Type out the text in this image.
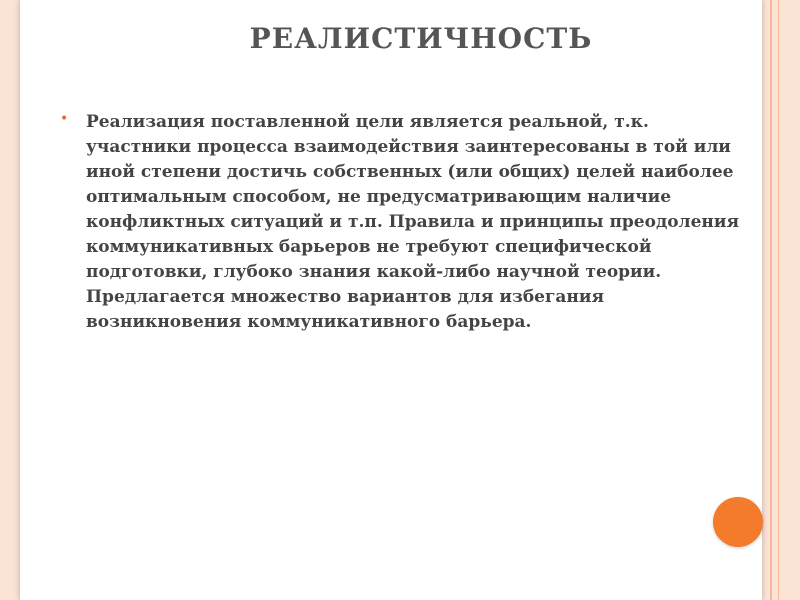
РЕАЛИСТИЧНОСТЬ
• Реализация поставленной цели является реальной, т.к. участники процесса взаимодействия заинтересованы в той или иной степени достичь собственных (или общих) целей наиболее оптимальным способом, не предусматривающим наличие конфликтных ситуаций и т.п. Правила и принципы преодоления коммуникативных барьеров не требуют специфической подготовки, глубоко знания какой-либо научной теории. Предлагается множество вариантов для избегания возникновения коммуникативного барьера.
